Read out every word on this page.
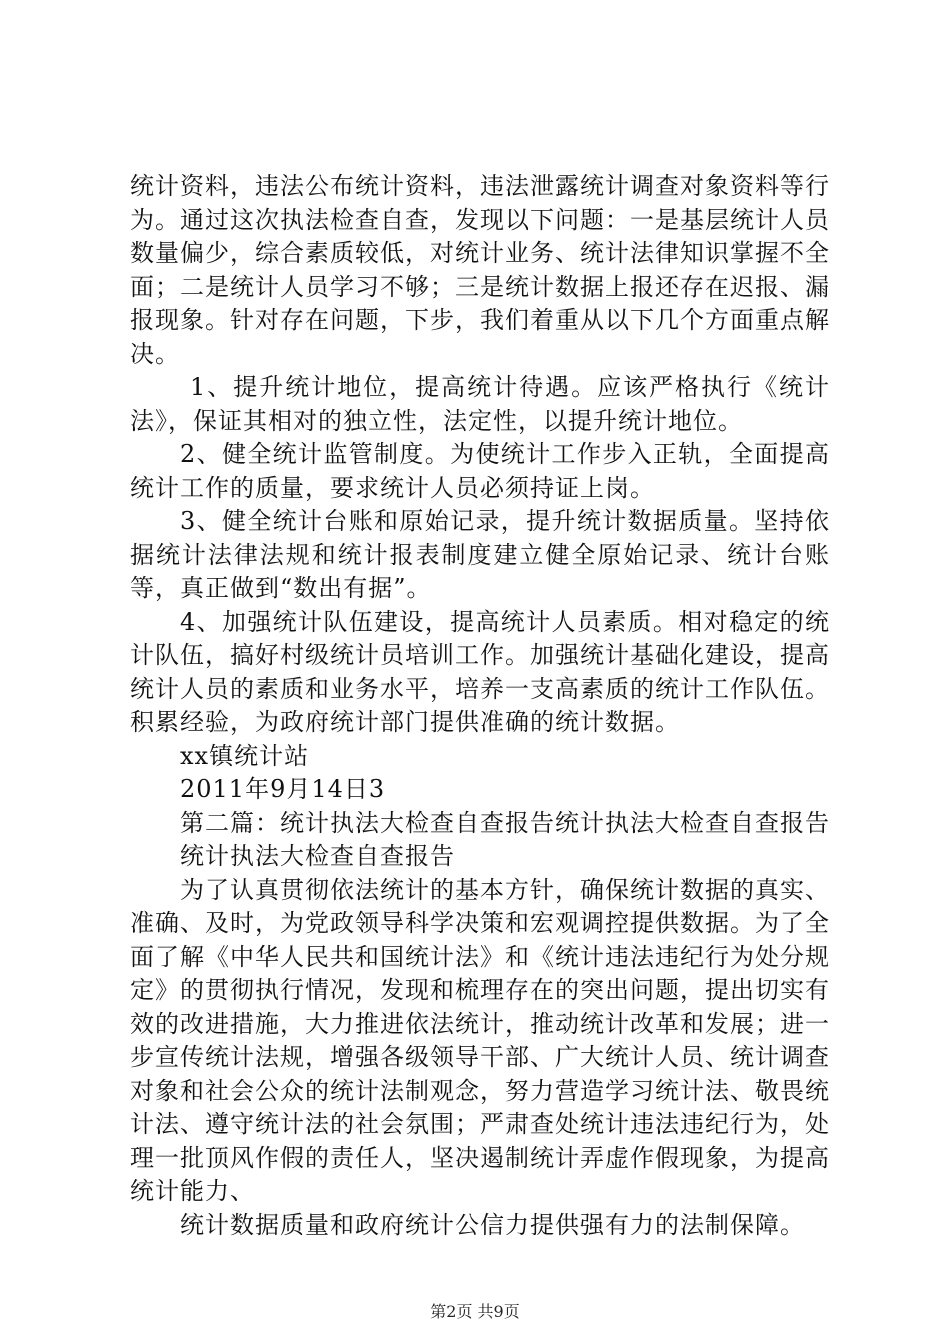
统计资料，违法公布统计资料，违法泄露统计调查对象资料等行为。通过这次执法检查自查，发现以下问题：一是基层统计人员数量偏少，综合素质较低，对统计业务、统计法律知识掌握不全面；二是统计人员学习不够；三是统计数据上报还存在迟报、漏报现象。针对存在问题，下步，我们着重从以下几个方面重点解决。

1、提升统计地位，提高统计待遇。应该严格执行《统计法》，保证其相对的独立性，法定性，以提升统计地位。

2、健全统计监管制度。为使统计工作步入正轨，全面提高统计工作的质量，要求统计人员必须持证上岗。

3、健全统计台账和原始记录，提升统计数据质量。坚持依据统计法律法规和统计报表制度建立健全原始记录、统计台账等，真正做到“数出有据”。

4、加强统计队伍建设，提高统计人员素质。相对稳定的统计队伍，搞好村级统计员培训工作。加强统计基础化建设，提高统计人员的素质和业务水平，培养一支高素质的统计工作队伍。积累经验，为政府统计部门提供准确的统计数据。

xx镇统计站

2011年9月14日3

第二篇：统计执法大检查自查报告统计执法大检查自查报告

统计执法大检查自查报告

为了认真贯彻依法统计的基本方针，确保统计数据的真实、准确、及时，为党政领导科学决策和宏观调控提供数据。为了全面了解《中华人民共和国统计法》和《统计违法违纪行为处分规定》的贯彻执行情况，发现和梳理存在的突出问题，提出切实有效的改进措施，大力推进依法统计，推动统计改革和发展；进一步宣传统计法规，增强各级领导干部、广大统计人员、统计调查对象和社会公众的统计法制观念，努力营造学习统计法、敬畏统计法、遵守统计法的社会氛围；严肃查处统计违法违纪行为，处理一批顶风作假的责任人，坚决遏制统计弄虚作假现象，为提高统计能力、

统计数据质量和政府统计公信力提供强有力的法制保障。

第2页 共9页
